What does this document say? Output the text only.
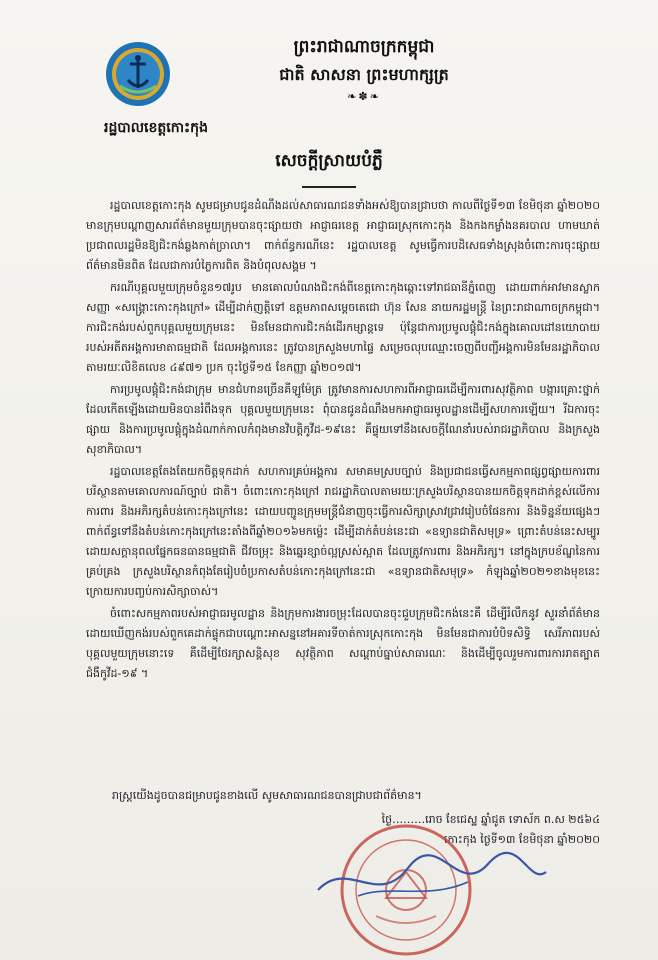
រដ្ឋបាលខេត្តកោះកុង
ព្រះរាជាណាចក្រកម្ពុជា
ជាតិ សាសនា ព្រះមហាក្សត្រ
❧✽❧
សេចក្ដីស្រាយបំភ្លឺ

រដ្ឋបាលខេត្តកោះកុង សូមជម្រាបជូនដំណឹងដល់សាធារណជនទាំងអស់ឱ្យបានជ្រាបថា កាលពីថ្ងៃទី១៣ ខែមិថុនា ឆ្នាំ២០២០ មានក្រុមបណ្ដាញសារព័ត៌មានមួយក្រុមបានចុះផ្សាយថា អាជ្ញាធរខេត្ត អាជ្ញាធរស្រុកកោះកុង និងកងកម្លាំងនគរបាល ហាមឃាត់ប្រជាពលរដ្ឋមិនឱ្យជិះកង់ឆ្លងកាត់ច្រាលា។ ពាក់ព័ន្ធករណីនេះ រដ្ឋបាលខេត្ត សូមធ្វើការបដិសេធទាំងស្រុងចំពោះការចុះផ្សាយព័ត៌មានមិនពិត ដែលជាការបំភ្លៃការពិត និងបំពុលសង្គម ។

ករណីបុគ្គលមួយក្រុមចំនួន១៧រូប មានគោលបំណងជិះកង់ពីខេត្តកោះកុងឆ្ពោះទៅរាជធានីភ្នំពេញ ដោយពាក់អាវមានស្លាកសញ្ញា «សង្គ្រោះកោះកុងក្រៅ» ដើម្បីដាក់ញត្តិទៅ ឧត្តមភាពសម្ដេចតេជោ ហ៊ុន សែន នាយករដ្ឋមន្ត្រី នៃព្រះរាជាណាចក្រកម្ពុជា។ ការជិះកង់របស់ពួកបុគ្គលមួយក្រុមនេះ មិនមែនជាការជិះកង់ដើរកម្សាន្តទេ ប៉ុន្តែជាការប្រមូលផ្ដុំជិះកង់ក្នុងគោលដៅនយោបាយ របស់អតីតអង្គការមាតាធម្មជាតិ ដែលអង្គការនេះ ត្រូវបានក្រសួងមហាផ្ទៃ សម្រេចលុបឈ្មោះចេញពីបញ្ជីអង្គការមិនមែនរដ្ឋាភិបាល តាមរយៈលិខិតលេខ ៤៩៧១ ប្រក ចុះថ្ងៃទី១៥ ខែកញ្ញា ឆ្នាំ២០១៧។

ការប្រមូលផ្ដុំជិះកង់ជាក្រុម មានជំហានច្រើនគីឡូម៉ែត្រ ត្រូវមានការសហការពីអាជ្ញាធរដើម្បីការពារសុវត្ថិភាព បង្ការគ្រោះថ្នាក់ដែលកើតឡើងដោយមិនបានរំពឹងទុក បុគ្គលមួយក្រុមនេះ ពុំបានជូនដំណឹងមកអាជ្ញាធរមូលដ្ឋានដើម្បីសហការឡើយ។ រីឯការចុះផ្សាយ និងការប្រមូលផ្ដុំក្នុងដំណាក់កាលកំពុងមានវិបត្តិកូវីដ-១៩នេះ គឺផ្ទុយទៅនឹងសេចក្ដីណែនាំរបស់រាជរដ្ឋាភិបាល និងក្រសួងសុខាភិបាល។

រដ្ឋបាលខេត្តតែងតែយកចិត្តទុកដាក់ សហការគ្រប់អង្គការ សមាគមស្របច្បាប់ និងប្រជាជនធ្វើសកម្មភាពផ្សព្វផ្សាយការពារបរិស្ថានតាមគោលការណ៍ច្បាប់ ជាតិ។ ចំពោះកោះកុងក្រៅ រាជរដ្ឋាភិបាលតាមរយៈក្រសួងបរិស្ថានបានយកចិត្តទុកដាក់ខ្ពស់លើការការពារ និងអភិរក្សតំបន់កោះកុងក្រៅនេះ ដោយបញ្ជូនក្រុមមន្ត្រីជំនាញចុះធ្វើការសិក្សាស្រាវជ្រាវរៀបចំផែនការ និងទិន្នន័យផ្សេងៗពាក់ព័ន្ធទៅនឹងតំបន់កោះកុងក្រៅនេះតាំងពីឆ្នាំ២០១៦មកម្ល៉េះ ដើម្បីដាក់តំបន់នេះជា «ឧទ្យានជាតិសមុទ្រ» ព្រោះតំបន់នេះសម្បូរដោយសក្ដានុពលផ្នែកធនធានធម្មជាតិ ជីវចម្រុះ និងឆ្នេរខ្សាច់ល្អស្រស់ស្អាត ដែលត្រូវការពារ និងអភិរក្ស។ នៅក្នុងក្របខ័ណ្ឌនៃការគ្រប់គ្រង ក្រសួងបរិស្ថានកំពុងតែរៀបចំប្រកាសតំបន់កោះកុងក្រៅនេះជា «ឧទ្យានជាតិសមុទ្រ» កំឡុងឆ្នាំ២០២១ខាងមុខនេះ ក្រោយការបញ្ចប់ការសិក្សាចាស់។

ចំពោះសកម្មភាពរបស់អាជ្ញាធរមូលដ្ឋាន និងក្រុមការងារចម្រុះដែលបានចុះជួបក្រុមជិះកង់នេះគឺ ដើម្បីរំលឹកនូវ សួរនាំព័ត៌មាន ដោយឃើញកង់របស់ពួកគេដាក់ផ្ទុកជាបណ្ដោះអាសន្ននៅអគារទីចាត់ការស្រុកកោះកុង មិនមែនជាការបំបិទសិទ្ធិ សេរីភាពរបស់បុគ្គលមួយក្រុមនោះទេ គឺដើម្បីថែរក្សាសន្តិសុខ សុវត្ថិភាព សណ្ដាប់ធ្នាប់សាធារណៈ និងដើម្បីចូលរួមការពារការរាតត្បាតជំងឺកូវីដ-១៩ ។

រាស្ត្រយើងដូចបានជម្រាបជូនខាងលើ សូមសាធារណជនបានជ្រាបជាព័ត៌មាន។
ថ្ងៃ………រោច ខែជេស្ឋ ឆ្នាំជូត ទោស័ក ព.ស ២៥៦៤
កោះកុង ថ្ងៃទី១៣ ខែមិថុនា ឆ្នាំ២០២០
